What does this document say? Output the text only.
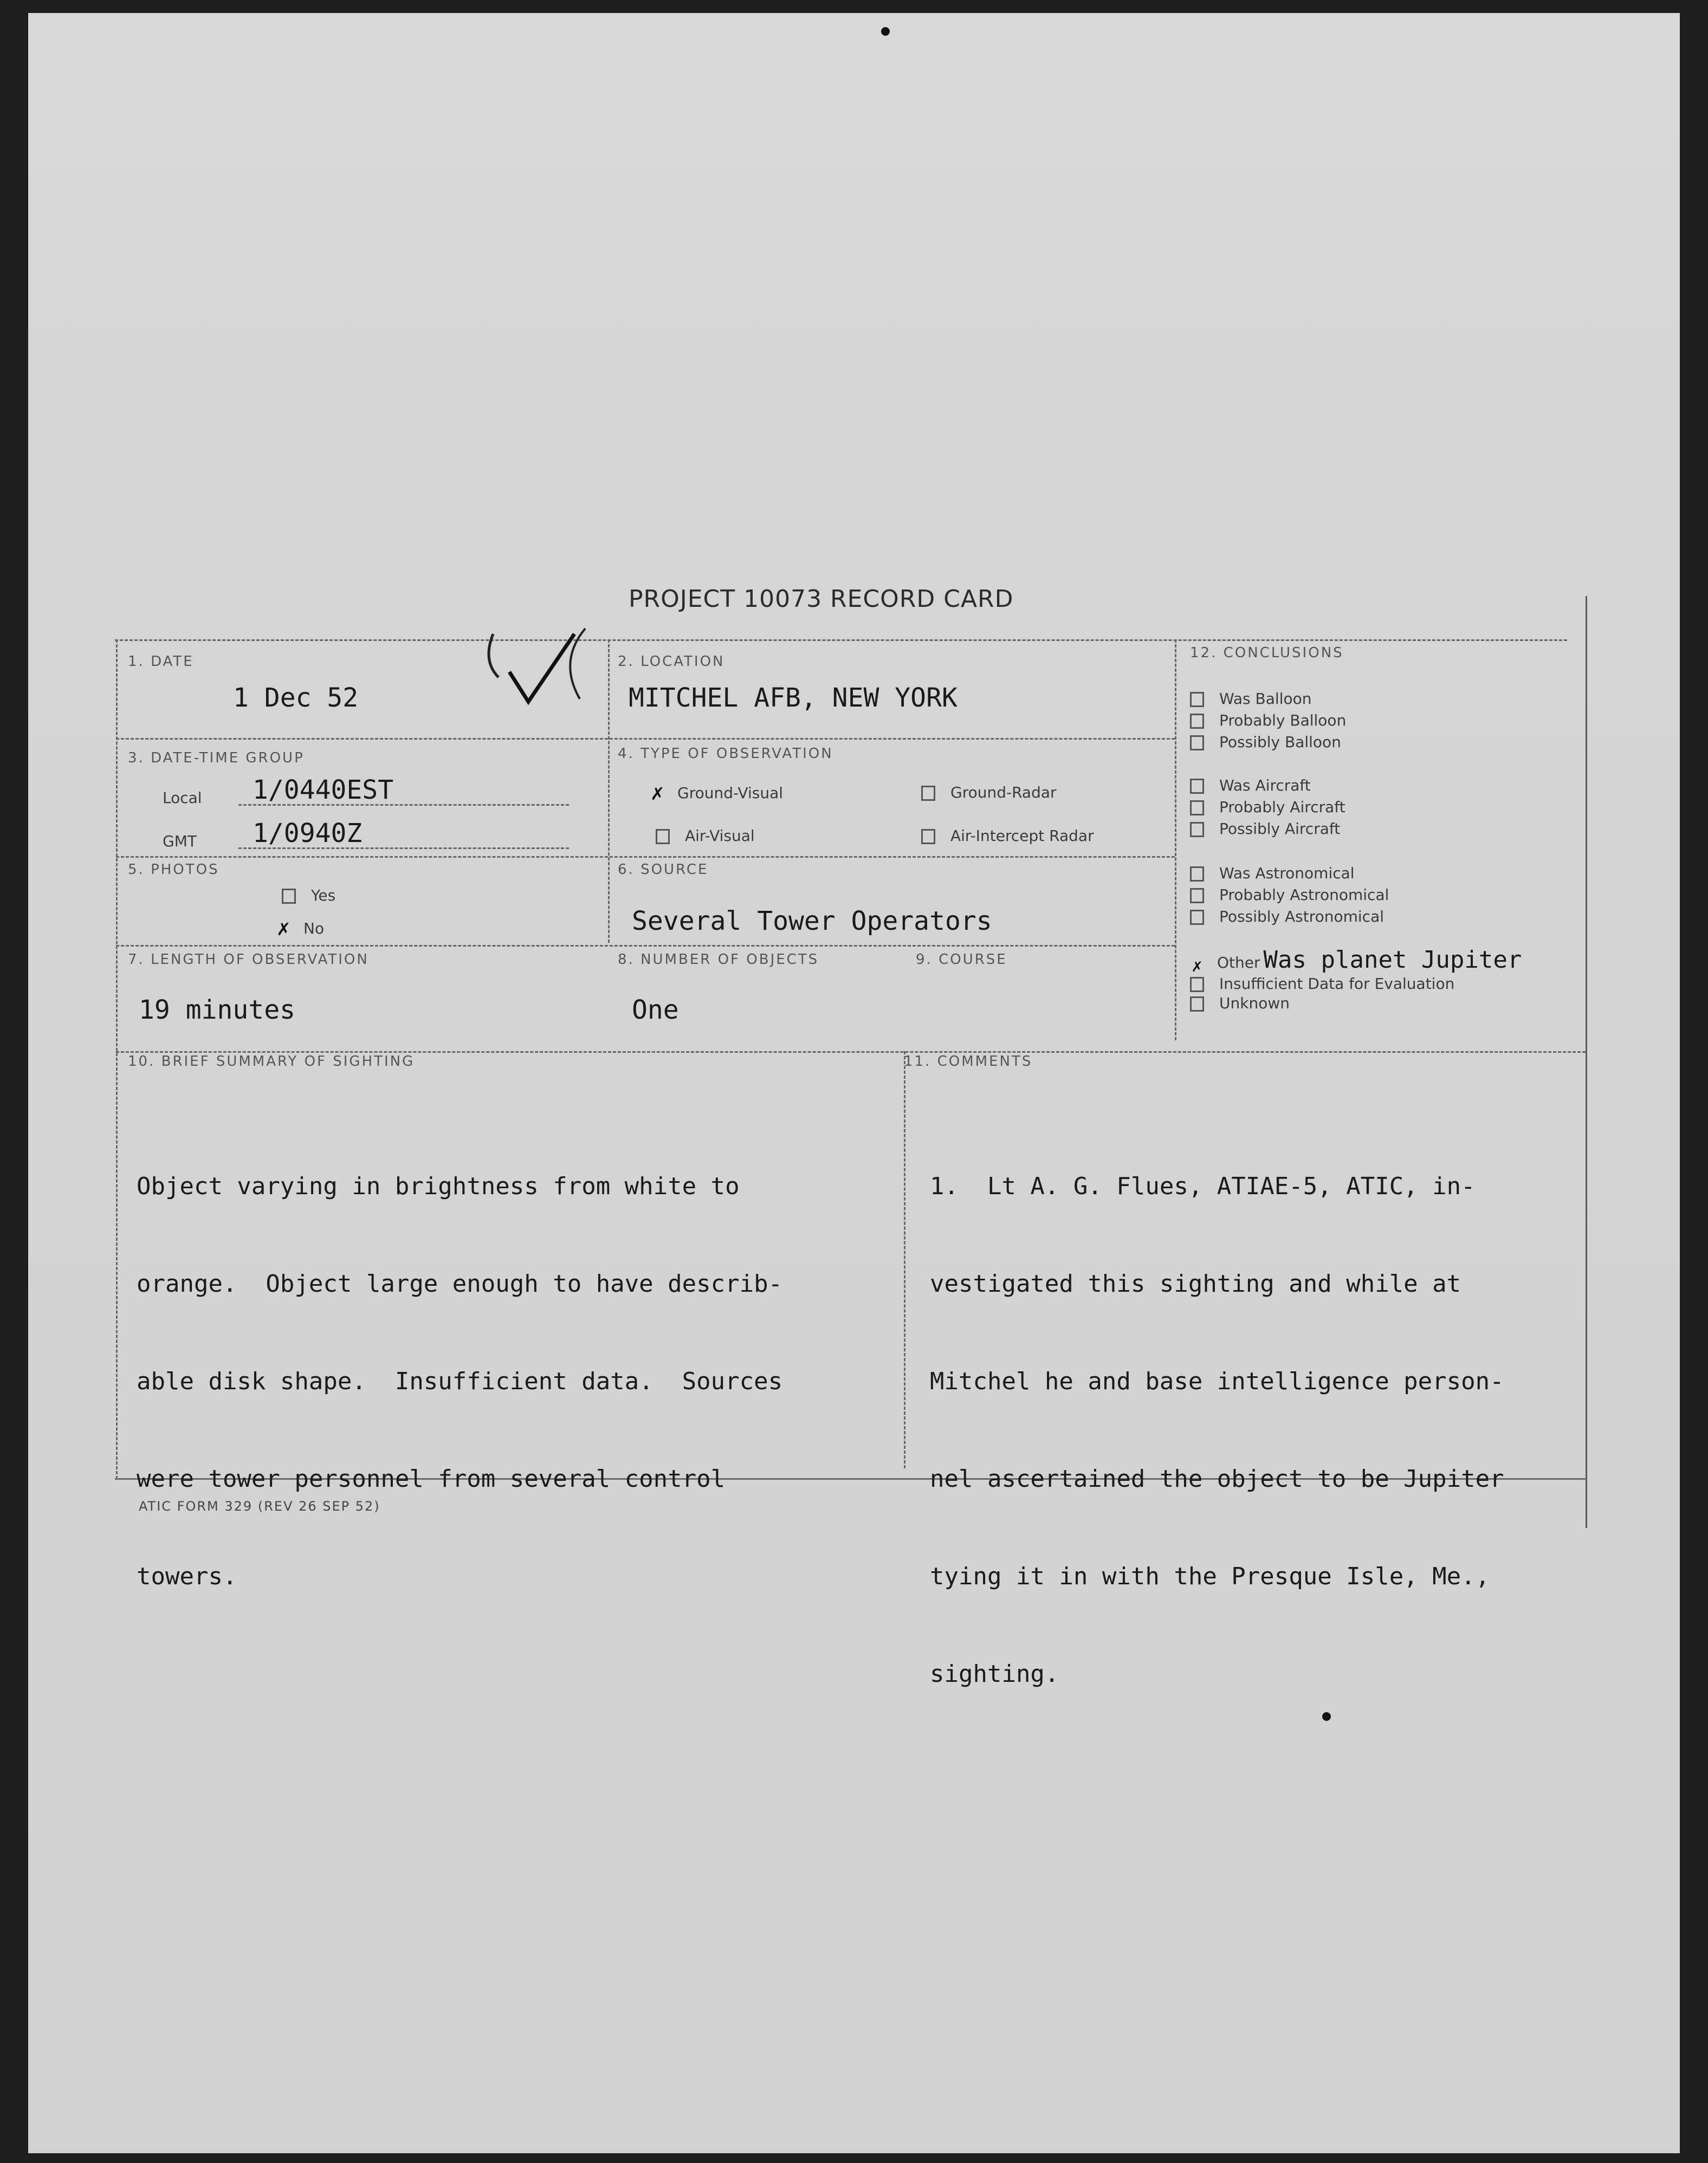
PROJECT 10073 RECORD CARD
1. DATE
1 Dec 52
2. LOCATION
MITCHEL AFB, NEW YORK
3. DATE-TIME GROUP
Local 1/0440EST
GMT 1/0940Z
4. TYPE OF OBSERVATION
✗ Ground-Visual	Ground-Radar
Air-Visual	Air-Intercept Radar
5. PHOTOS
Yes
✗ No
6. SOURCE
Several Tower Operators
7. LENGTH OF OBSERVATION
19 minutes
8. NUMBER OF OBJECTS
One
9. COURSE
10. BRIEF SUMMARY OF SIGHTING

Object varying in brightness from white to

orange.  Object large enough to have describ-

able disk shape.  Insufficient data.  Sources

were tower personnel from several control

towers.

11. COMMENTS

1.  Lt A. G. Flues, ATIAE-5, ATIC, in-

vestigated this sighting and while at

Mitchel he and base intelligence person-

nel ascertained the object to be Jupiter

tying it in with the Presque Isle, Me.,

sighting.

12. CONCLUSIONS
Was Balloon
Probably Balloon
Possibly Balloon
Was Aircraft
Probably Aircraft
Possibly Aircraft
Was Astronomical
Probably Astronomical
Possibly Astronomical
✗ Other Was planet Jupiter
Insufficient Data for Evaluation
Unknown
ATIC FORM 329 (REV 26 SEP 52)
